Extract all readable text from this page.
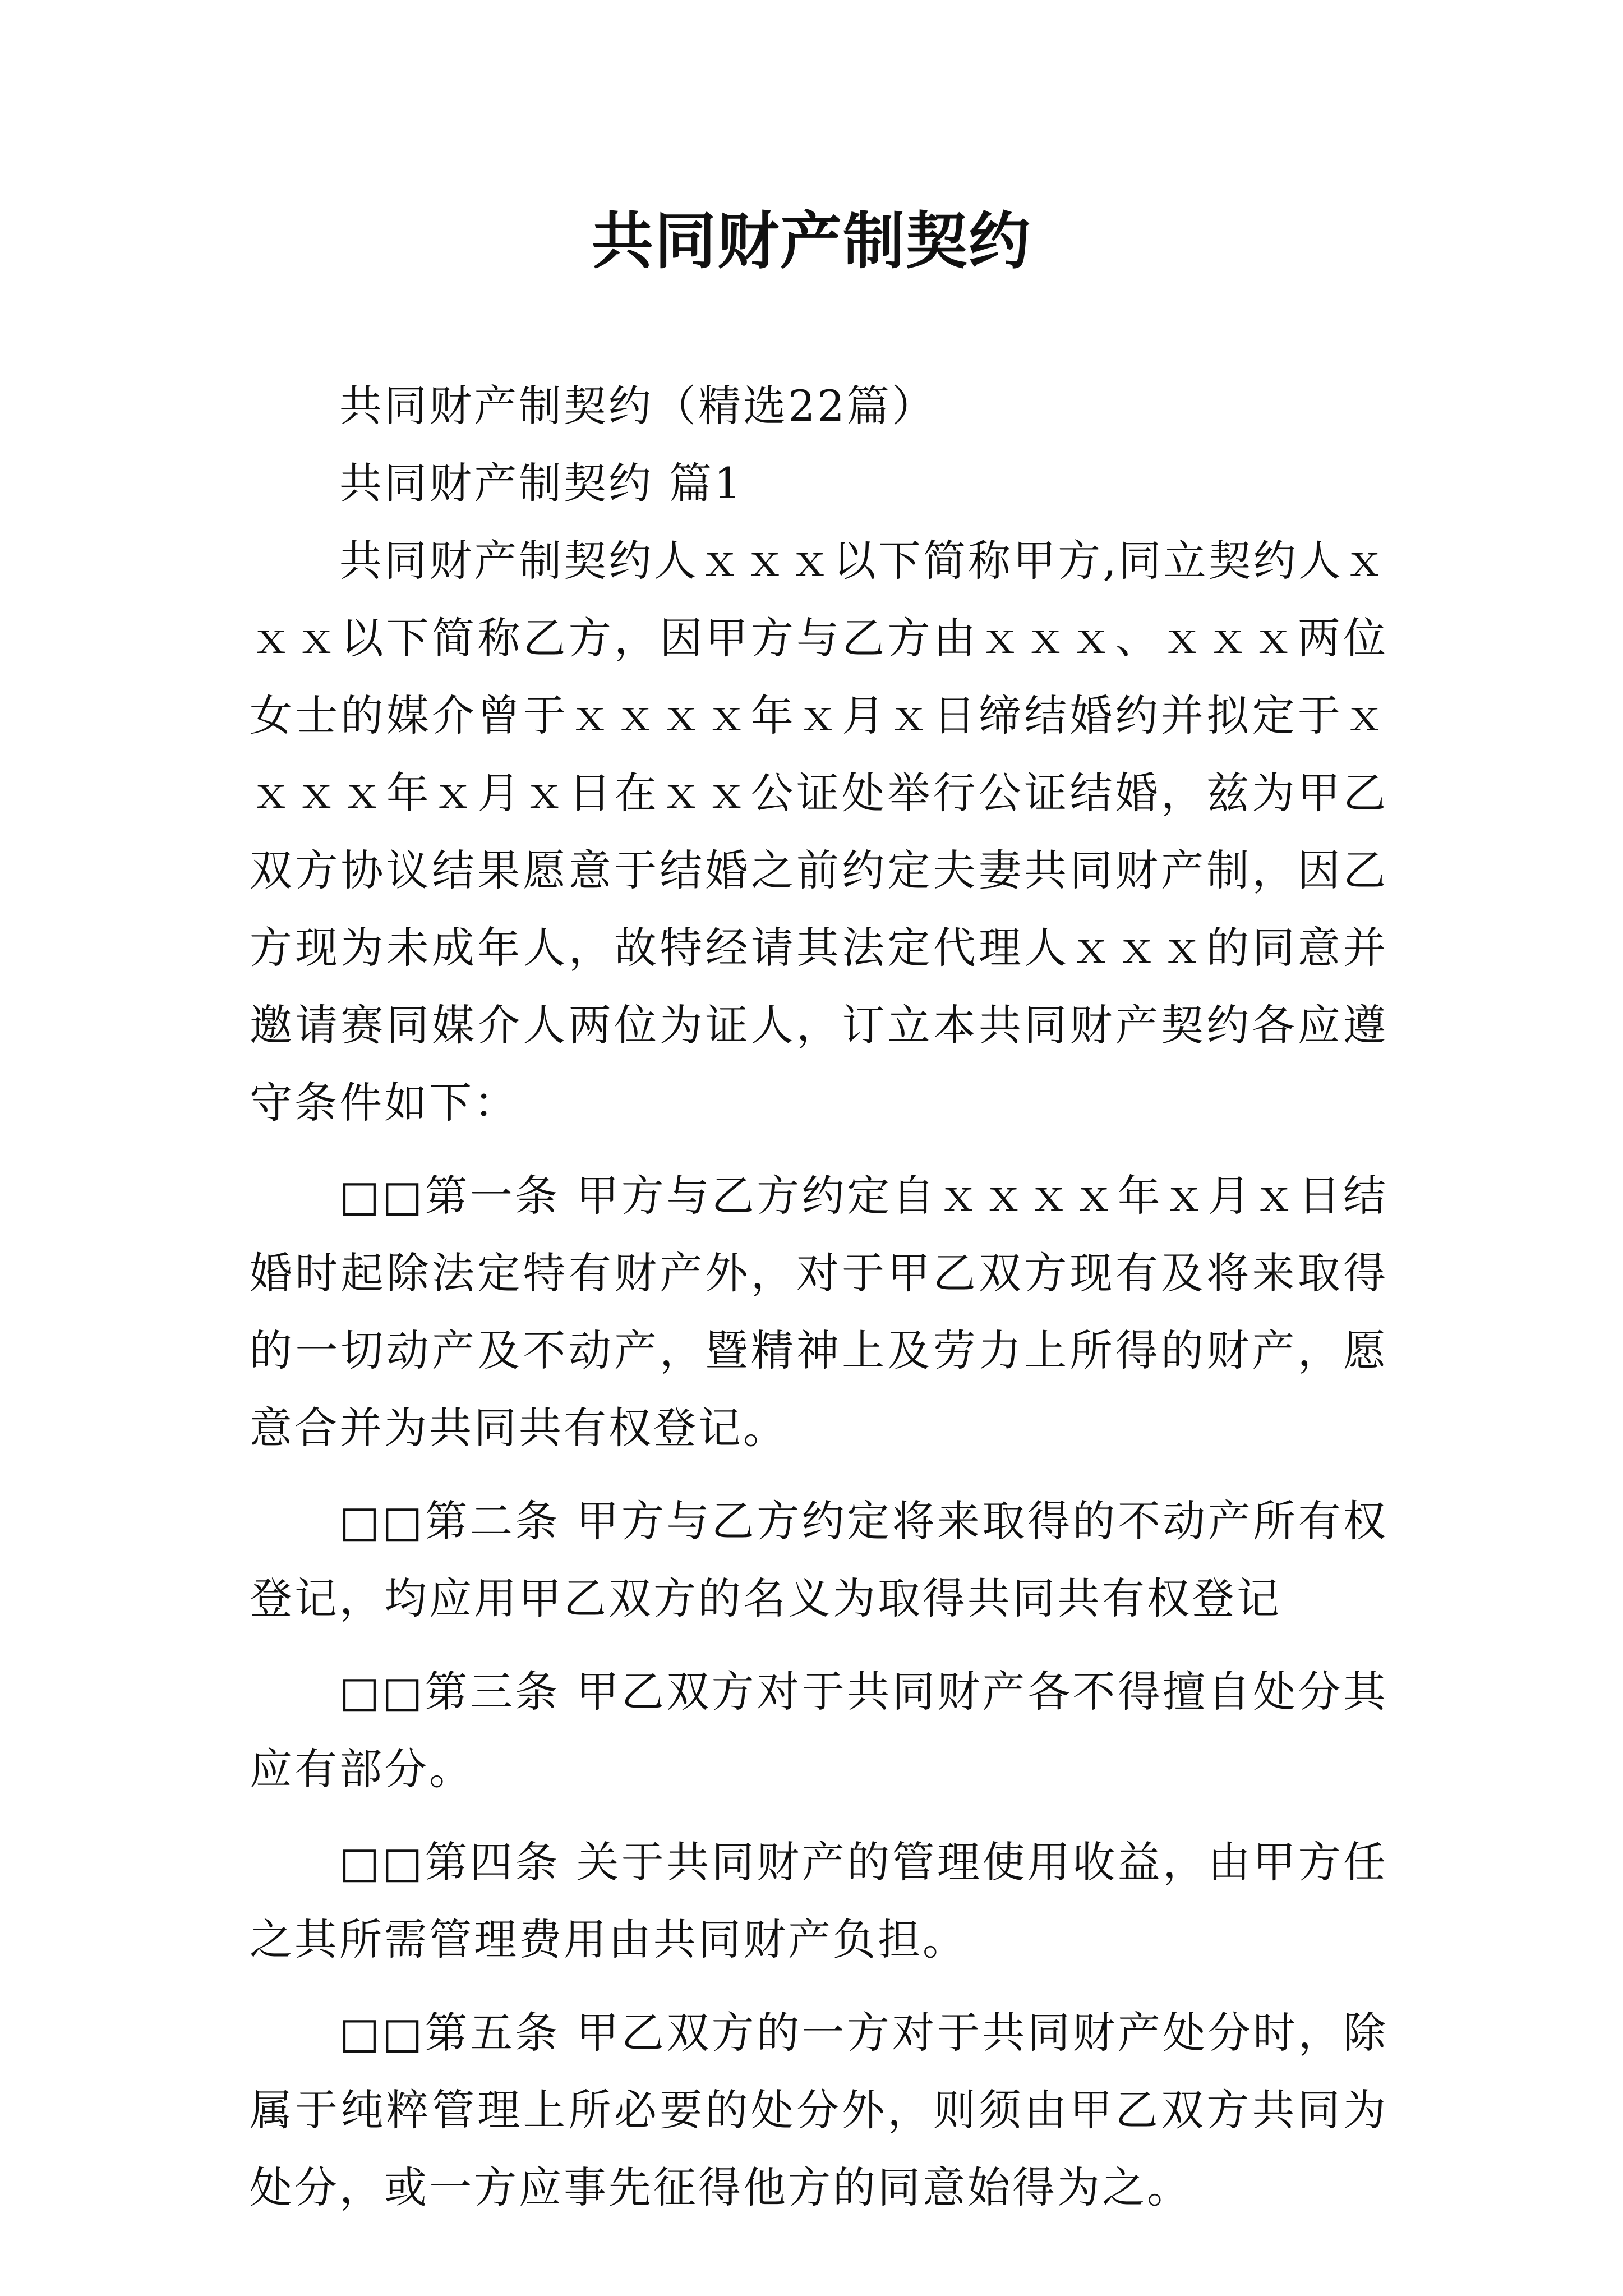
共同财产制契约

共同财产制契约（精选22篇）

共同财产制契约 篇1

共同财产制契约人ｘｘｘ以下简称甲方,同立契约人ｘｘｘ以下简称乙方，因甲方与乙方由ｘｘｘ、ｘｘｘ两位女士的媒介曾于ｘｘｘｘ年ｘ月ｘ日缔结婚约并拟定于ｘｘｘｘ年ｘ月ｘ日在ｘｘ公证处举行公证结婚，兹为甲乙双方协议结果愿意于结婚之前约定夫妻共同财产制，因乙方现为未成年人，故特经请其法定代理人ｘｘｘ的同意并邀请赛同媒介人两位为证人，订立本共同财产契约各应遵守条件如下：

□□第一条 甲方与乙方约定自ｘｘｘｘ年ｘ月ｘ日结婚时起除法定特有财产外，对于甲乙双方现有及将来取得的一切动产及不动产，暨精神上及劳力上所得的财产，愿意合并为共同共有权登记。

□□第二条 甲方与乙方约定将来取得的不动产所有权登记，均应用甲乙双方的名义为取得共同共有权登记

□□第三条 甲乙双方对于共同财产各不得擅自处分其应有部分。

□□第四条 关于共同财产的管理使用收益，由甲方任之其所需管理费用由共同财产负担。

□□第五条 甲乙双方的一方对于共同财产处分时，除属于纯粹管理上所必要的处分外，则须由甲乙双方共同为处分，或一方应事先征得他方的同意始得为之。
